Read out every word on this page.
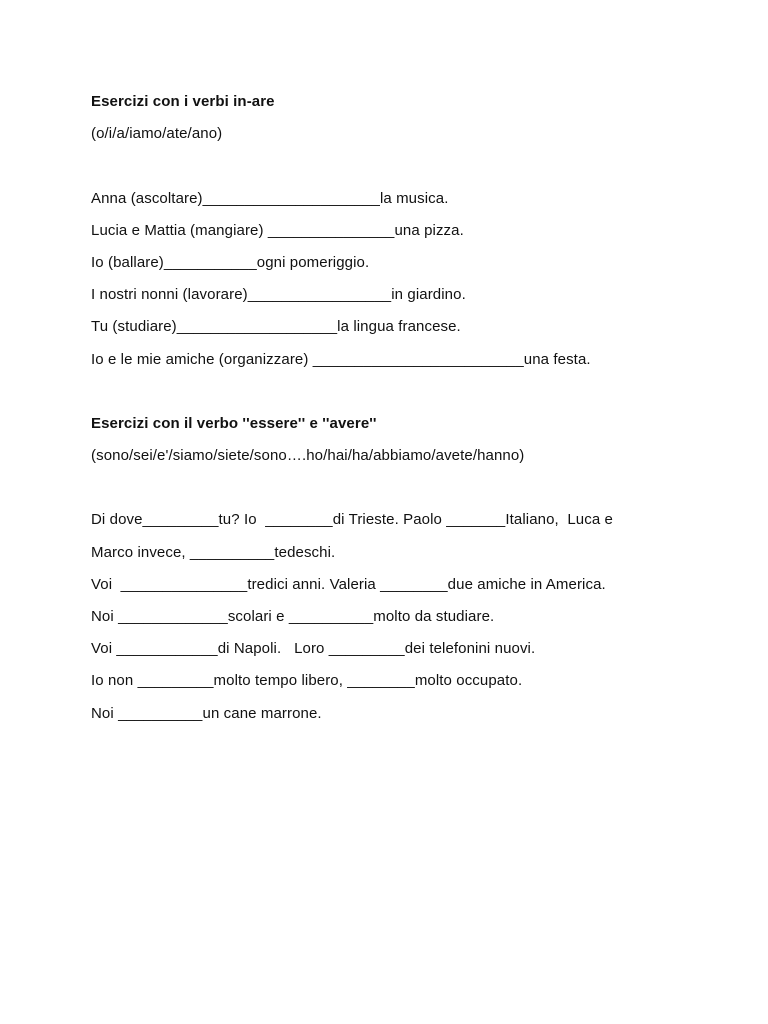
Esercizi con i verbi in-are
(o/i/a/iamo/ate/ano)
Anna (ascoltare)_____________________la musica.
Lucia e Mattia (mangiare) _______________una pizza.
Io (ballare)___________ogni pomeriggio.
I nostri nonni (lavorare)_________________in giardino.
Tu (studiare)___________________la lingua francese.
Io e le mie amiche (organizzare) _________________________una festa.
Esercizi con il verbo ''essere'' e ''avere''
(sono/sei/e'/siamo/siete/sono….ho/hai/ha/abbiamo/avete/hanno)
Di dove_________tu? Io  ________di Trieste. Paolo _______Italiano,  Luca e
Marco invece, __________tedeschi.
Voi  _______________tredici anni. Valeria ________due amiche in America.
Noi _____________scolari e __________molto da studiare.
Voi ____________di Napoli.   Loro _________dei telefonini nuovi.
Io non _________molto tempo libero, ________molto occupato.
Noi __________un cane marrone.
